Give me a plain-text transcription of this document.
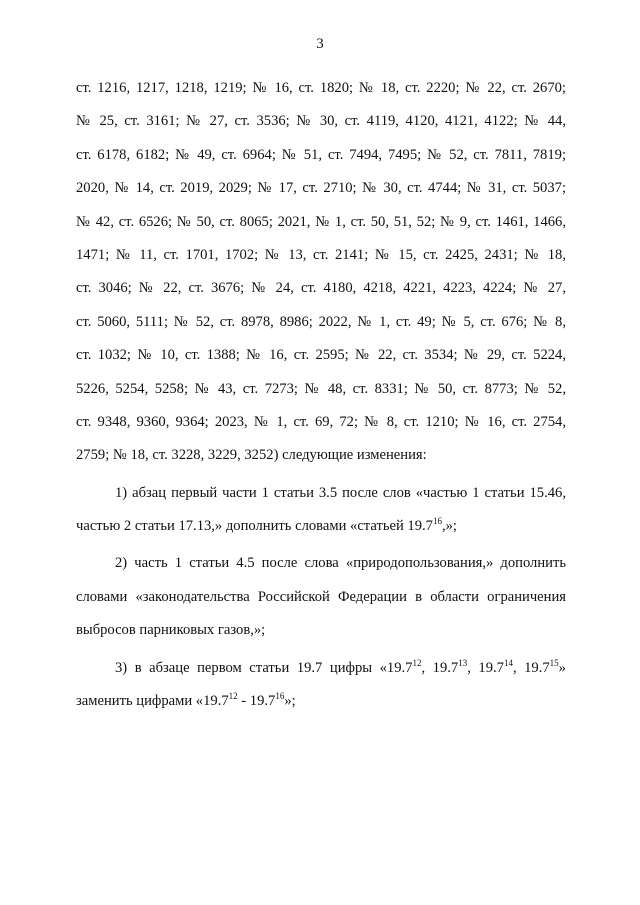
3
ст. 1216, 1217, 1218, 1219; № 16, ст. 1820; № 18, ст. 2220; № 22, ст. 2670;
№ 25, ст. 3161; № 27, ст. 3536; № 30, ст. 4119, 4120, 4121, 4122; № 44,
ст. 6178, 6182; № 49, ст. 6964; № 51, ст. 7494, 7495; № 52, ст. 7811, 7819;
2020, № 14, ст. 2019, 2029; № 17, ст. 2710; № 30, ст. 4744; № 31, ст. 5037;
№ 42, ст. 6526; № 50, ст. 8065; 2021, № 1, ст. 50, 51, 52; № 9, ст. 1461, 1466,
1471; № 11, ст. 1701, 1702; № 13, ст. 2141; № 15, ст. 2425, 2431; № 18,
ст. 3046; № 22, ст. 3676; № 24, ст. 4180, 4218, 4221, 4223, 4224; № 27,
ст. 5060, 5111; № 52, ст. 8978, 8986; 2022, № 1, ст. 49; № 5, ст. 676; № 8,
ст. 1032; № 10, ст. 1388; № 16, ст. 2595; № 22, ст. 3534; № 29, ст. 5224,
5226, 5254, 5258; № 43, ст. 7273; № 48, ст. 8331; № 50, ст. 8773; № 52,
ст. 9348, 9360, 9364; 2023, № 1, ст. 69, 72; № 8, ст. 1210; № 16, ст. 2754,
2759; № 18, ст. 3228, 3229, 3252) следующие изменения:
1) абзац первый части 1 статьи 3.5 после слов «частью 1 статьи 15.46,
частью 2 статьи 17.13,» дополнить словами «статьей 19.7$^{16}$,»;
2) часть 1 статьи 4.5 после слова «природопользования,» дополнить
словами «законодательства Российской Федерации в области ограничения
выбросов парниковых газов,»;
3) в абзаце первом статьи 19.7 цифры «19.7$^{12}$, 19.7$^{13}$, 19.7$^{14}$, 19.7$^{15}$»
заменить цифрами «19.7$^{12}$ - 19.7$^{16}$»;
